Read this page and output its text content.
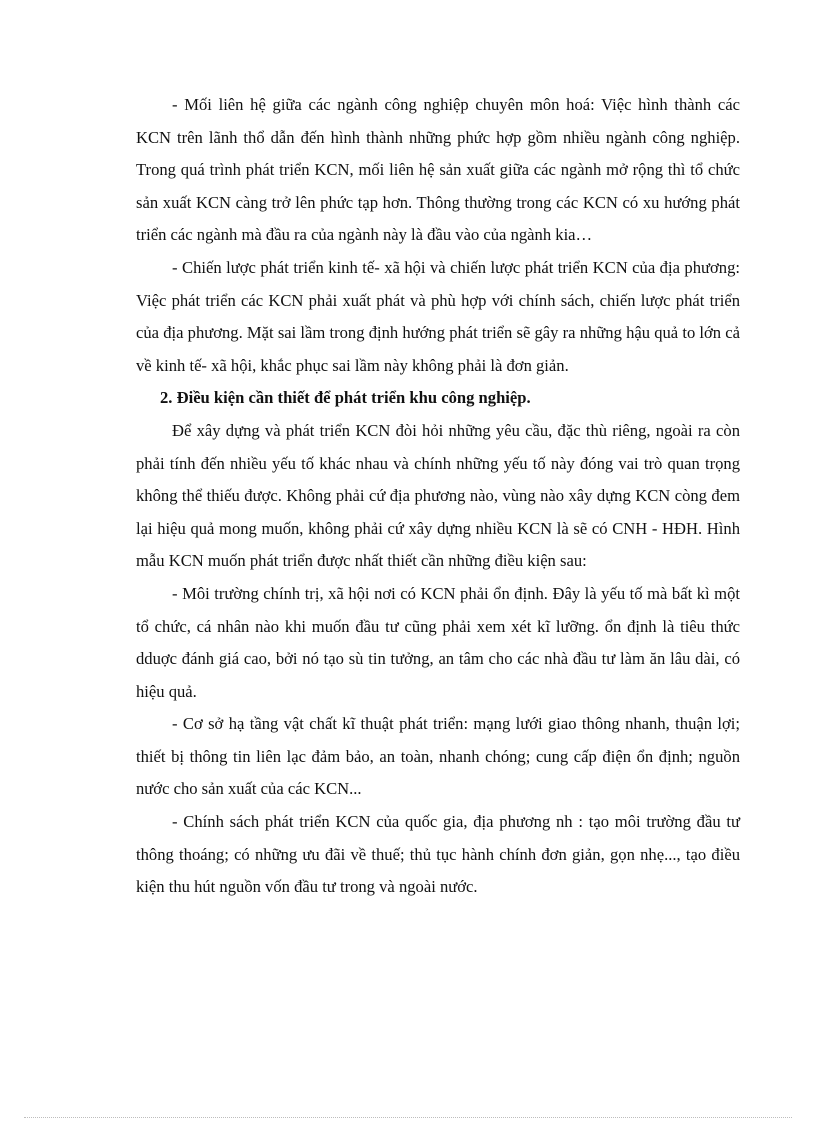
- Mối liên hệ giữa các ngành công nghiệp chuyên môn hoá: Việc hình thành các KCN trên lãnh thổ dẫn đến hình thành những phức hợp gồm nhiều ngành công nghiệp. Trong quá trình phát triển KCN, mối liên hệ sản xuất giữa các ngành mở rộng thì tổ chức sản xuất KCN càng trở lên phức tạp hơn. Thông thường trong các KCN có xu hướng phát triển các ngành mà đầu ra của ngành này là đầu vào của ngành kia…

- Chiến lược phát triển kinh tế- xã hội và chiến lược phát triển KCN của địa phương: Việc phát triển các KCN phải xuất phát và phù hợp với chính sách, chiến lược phát triển của địa phương. Mặt sai lầm trong định hướng phát triển sẽ gây ra những hậu quả to lớn cả về kinh tế- xã hội, khắc phục sai lầm này không phải là đơn giản.

2. Điều kiện cần thiết để phát triển khu công nghiệp.

Để xây dựng và phát triển KCN đòi hỏi những yêu cầu, đặc thù riêng, ngoài ra còn phải tính đến nhiều yếu tố khác nhau và chính những yếu tố này đóng vai trò quan trọng không thể thiếu được. Không phải cứ địa phương nào, vùng nào xây dựng KCN còng đem lại hiệu quả mong muốn, không phải cứ xây dựng nhiều KCN là sẽ có CNH - HĐH. Hình mẫu KCN muốn phát triển được nhất thiết cần những điều kiện sau:

- Môi trường chính trị, xã hội nơi có KCN phải ổn định. Đây là yếu tố mà bất kì một tổ chức, cá nhân nào khi muốn đầu tư cũng phải xem xét kĩ lưỡng. ổn định là tiêu thức dduợc đánh giá cao, bởi nó tạo sù tin tưởng, an tâm cho các nhà đầu tư làm ăn lâu dài, có hiệu quả.

- Cơ sở hạ tầng vật chất kĩ thuật phát triển: mạng lưới giao thông nhanh, thuận lợi; thiết bị thông tin liên lạc đảm bảo, an toàn, nhanh chóng; cung cấp điện ổn định; nguồn nước cho sản xuất của các KCN...

- Chính sách phát triển KCN của quốc gia, địa phương nh : tạo môi trường đầu tư thông thoáng; có những ưu đãi về thuế; thủ tục hành chính đơn giản, gọn nhẹ..., tạo điều kiện thu hút nguồn vốn đầu tư trong và ngoài nước.
